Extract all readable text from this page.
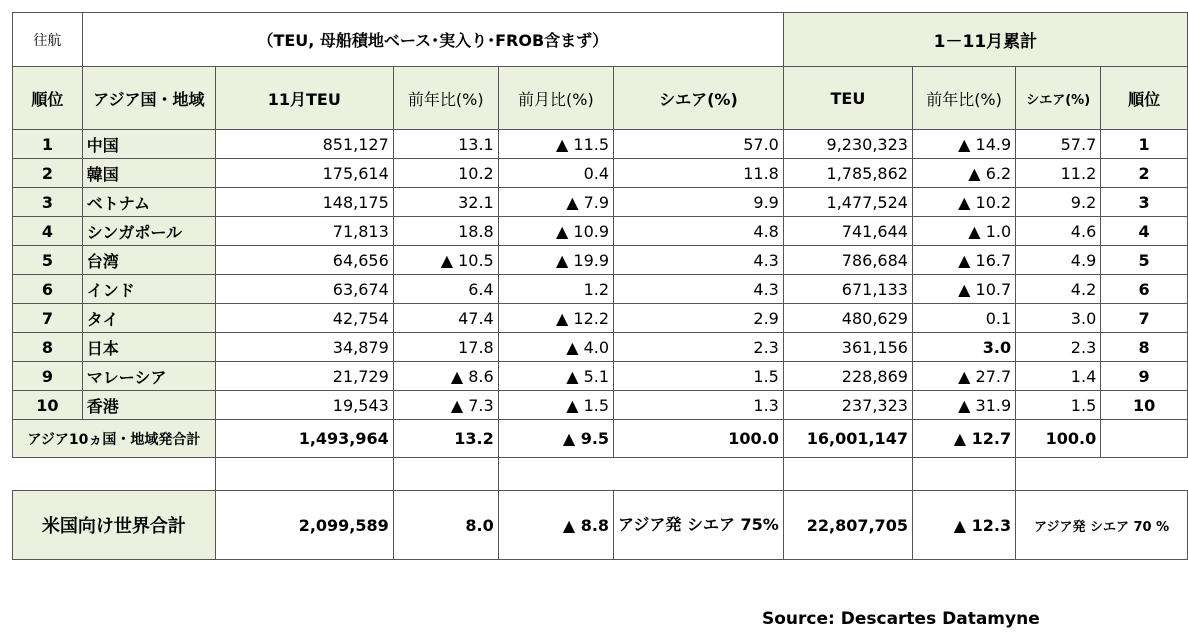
往航	（TEU, 母船積地ベース･実入り･FROB含まず）					1－11月累計			
順位	アジア国・地域	11月TEU	前年比(%)	前月比(%)	シエア(%)	TEU	前年比(%)	シエア(%)	順位
1	中国	851,127	13.1	▲ 11.5	57.0	9,230,323	▲ 14.9	57.7	1
2	韓国	175,614	10.2	0.4	11.8	1,785,862	▲ 6.2	11.2	2
3	ベトナム	148,175	32.1	▲ 7.9	9.9	1,477,524	▲ 10.2	9.2	3
4	シンガポール	71,813	18.8	▲ 10.9	4.8	741,644	▲ 1.0	4.6	4
5	台湾	64,656	▲ 10.5	▲ 19.9	4.3	786,684	▲ 16.7	4.9	5
6	インド	63,674	6.4	1.2	4.3	671,133	▲ 10.7	4.2	6
7	タイ	42,754	47.4	▲ 12.2	2.9	480,629	0.1	3.0	7
8	日本	34,879	17.8	▲ 4.0	2.3	361,156	3.0	2.3	8
9	マレーシア	21,729	▲ 8.6	▲ 5.1	1.5	228,869	▲ 27.7	1.4	9
10	香港	19,543	▲ 7.3	▲ 1.5	1.3	237,323	▲ 31.9	1.5	10
アジア10ヵ国・地域発合計		1,493,964	13.2	▲ 9.5	100.0	16,001,147	▲ 12.7	100.0	

米国向け世界合計		2,099,589	8.0	▲ 8.8	アジア発 シエア 75%	22,807,705	▲ 12.3	アジア発 シエア 70 %	
Source: Descartes Datamyne
